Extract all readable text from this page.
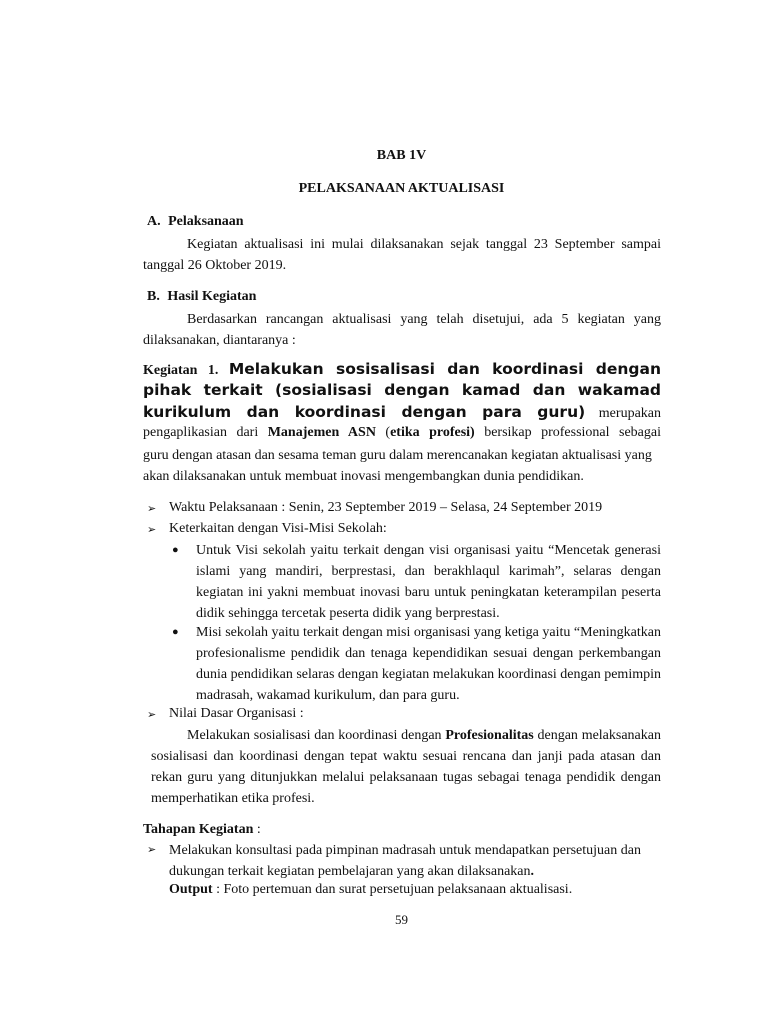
BAB 1V
PELAKSANAAN AKTUALISASI
A. Pelaksanaan

Kegiatan aktualisasi ini mulai dilaksanakan sejak tanggal 23 September sampai tanggal 26 Oktober 2019.

B. Hasil Kegiatan

Berdasarkan rancangan aktualisasi yang telah disetujui, ada 5 kegiatan yang dilaksanakan, diantaranya :

Kegiatan 1. Melakukan sosisalisasi dan koordinasi dengan
pihak terkait (sosialisasi dengan kamad dan wakamad
kurikulum dan koordinasi dengan para guru) merupakan
pengaplikasian dari Manajemen ASN (etika profesi) bersikap professional sebagai

guru dengan atasan dan sesama teman guru dalam merencanakan kegiatan aktualisasi yang akan dilaksanakan untuk membuat inovasi mengembangkan dunia pendidikan.

➢ Waktu Pelaksanaan : Senin, 23 September 2019 – Selasa, 24 September 2019
➢ Keterkaitan dengan Visi-Misi Sekolah:
● Untuk Visi sekolah yaitu terkait dengan visi organisasi yaitu “Mencetak generasi islami yang mandiri, berprestasi, dan berakhlaqul karimah”, selaras dengan kegiatan ini yakni membuat inovasi baru untuk peningkatan keterampilan peserta didik sehingga tercetak peserta didik yang berprestasi.

● Misi sekolah yaitu terkait dengan misi organisasi yang ketiga yaitu “Meningkatkan profesionalisme pendidik dan tenaga kependidikan sesuai dengan perkembangan dunia pendidikan selaras dengan kegiatan melakukan koordinasi dengan pemimpin madrasah, wakamad kurikulum, dan para guru.

➢ Nilai Dasar Organisasi :

Melakukan sosialisasi dan koordinasi dengan Profesionalitas dengan melaksanakan sosialisasi dan koordinasi dengan tepat waktu sesuai rencana dan janji pada atasan dan rekan guru yang ditunjukkan melalui pelaksanaan tugas sebagai tenaga pendidik dengan memperhatikan etika profesi.

Tahapan Kegiatan :
➢ Melakukan konsultasi pada pimpinan madrasah untuk mendapatkan persetujuan dan dukungan terkait kegiatan pembelajaran yang akan dilaksanakan.

Output : Foto pertemuan dan surat persetujuan pelaksanaan aktualisasi.
59
